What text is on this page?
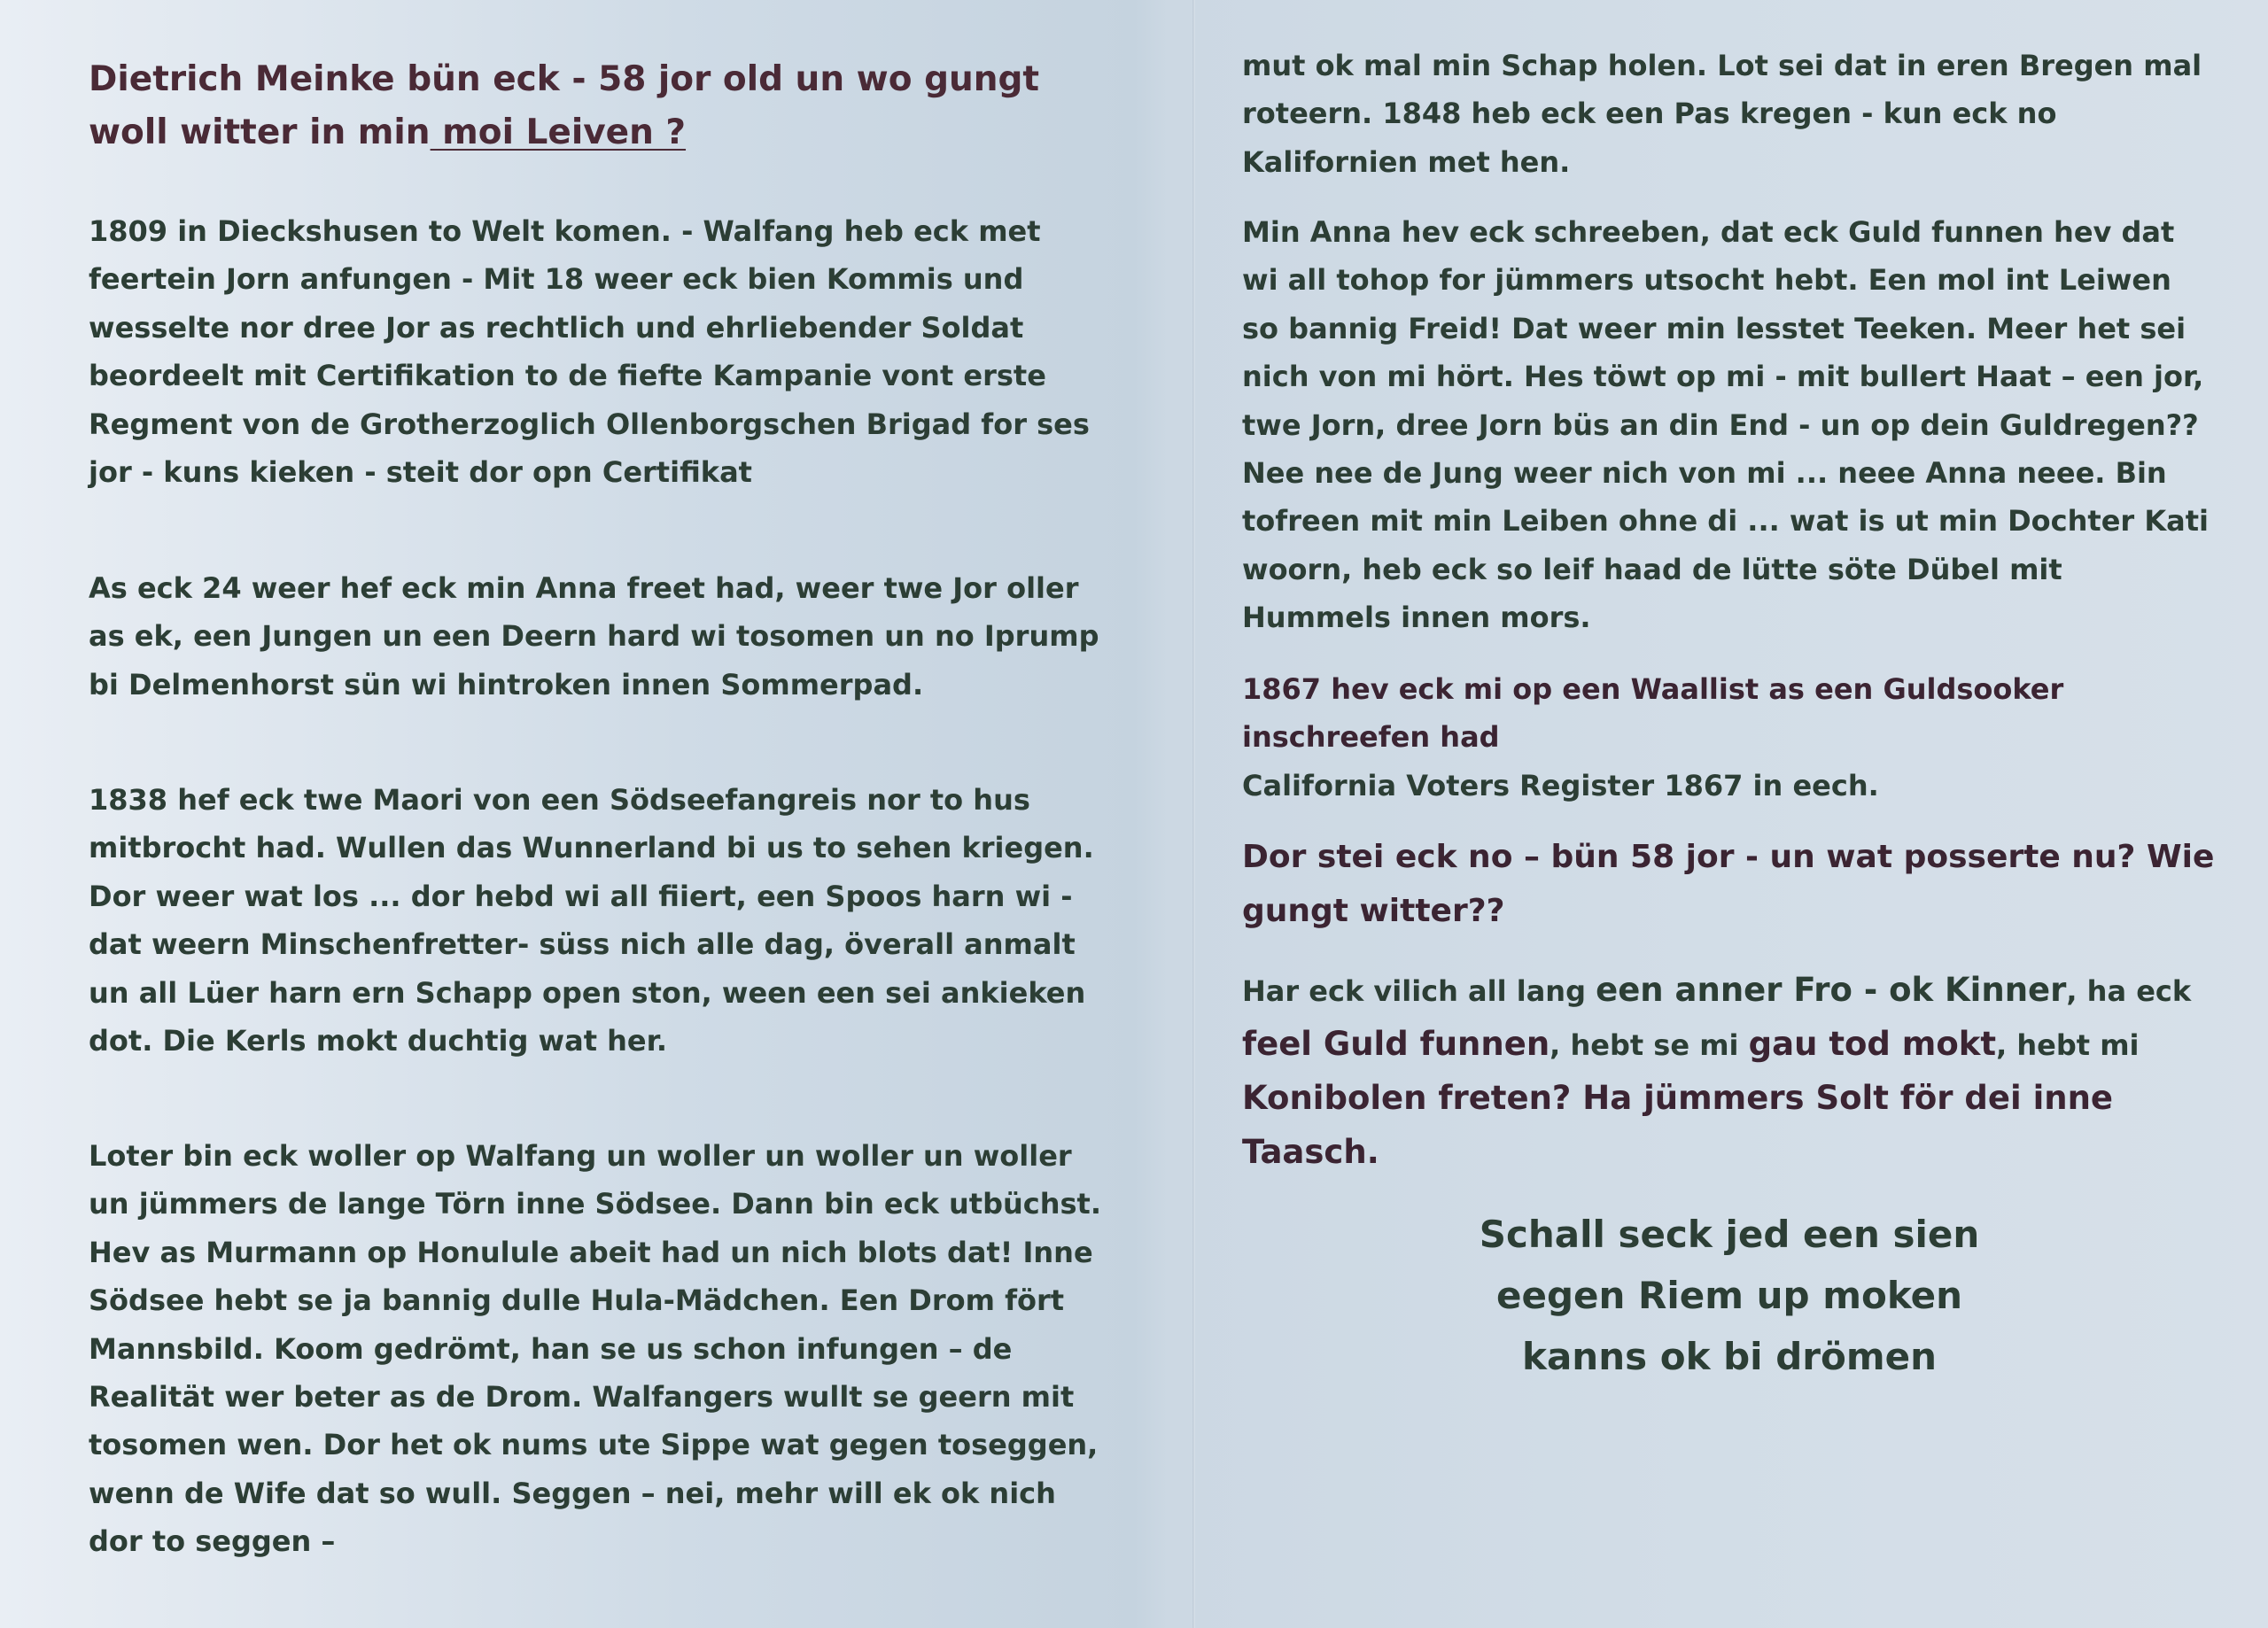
Dietrich Meinke bün eck - 58 jor old un wo gungt woll witter in min moi Leiven ?

1809 in Dieckshusen to Welt komen. - Walfang heb eck met feertein Jorn anfungen - Mit 18 weer eck bien Kommis und wesselte nor dree Jor as rechtlich und ehrliebender Soldat beordeelt mit Certifikation to de fiefte Kampanie vont erste Regment von de Grotherzoglich Ollenborgschen Brigad for ses jor - kuns kieken - steit dor opn Certifikat

As eck 24 weer hef eck min Anna freet had, weer twe Jor oller as ek, een Jungen un een Deern hard wi tosomen un no Iprump bi Delmenhorst sün wi hintroken innen Sommerpad.

1838 hef eck twe Maori von een Södseefangreis nor to hus mitbrocht had. Wullen das Wunnerland bi us to sehen kriegen. Dor weer wat los ... dor hebd wi all fiiert, een Spoos harn wi - dat weern Minschenfretter- süss nich alle dag, överall anmalt un all Lüer harn ern Schapp open ston, ween een sei ankieken dot. Die Kerls mokt duchtig wat her.

Loter bin eck woller op Walfang un woller un woller un woller un jümmers de lange Törn inne Södsee. Dann bin eck utbüchst. Hev as Murmann op Honulule abeit had un nich blots dat! Inne Södsee hebt se ja bannig dulle Hula-Mädchen. Een Drom fört Mannsbild. Koom gedrömt, han se us schon infungen – de Realität wer beter as de Drom. Walfangers wullt se geern mit tosomen wen. Dor het ok nums ute Sippe wat gegen toseggen, wenn de Wife dat so wull. Seggen – nei, mehr will ek ok nich dor to seggen –

mut ok mal min Schap holen. Lot sei dat in eren Bregen mal roteern. 1848 heb eck een Pas kregen - kun eck no Kalifornien met hen.

Min Anna hev eck schreeben, dat eck Guld funnen hev dat wi all tohop for jümmers utsocht hebt. Een mol int Leiwen so bannig Freid! Dat weer min lesstet Teeken. Meer het sei nich von mi hört. Hes töwt op mi - mit bullert Haat – een jor, twe Jorn, dree Jorn büs an din End - un op dein Guldregen?? Nee nee de Jung weer nich von mi ... neee Anna neee. Bin tofreen mit min Leiben ohne di ... wat is ut min Dochter Kati woorn, heb eck so leif haad de lütte söte Dübel mit Hummels innen mors.

1867 hev eck mi op een Waallist as een Guldsooker inschreefen had

California Voters Register 1867 in eech.

Dor stei eck no – bün 58 jor - un wat posserte nu? Wie gungt witter??

Har eck vilich all lang een anner Fro - ok Kinner, ha eck feel Guld funnen, hebt se mi gau tod mokt, hebt mi Konibolen freten? Ha jümmers Solt för dei inne Taasch.

Schall seck jed een sien
eegen Riem up moken
kanns ok bi drömen
